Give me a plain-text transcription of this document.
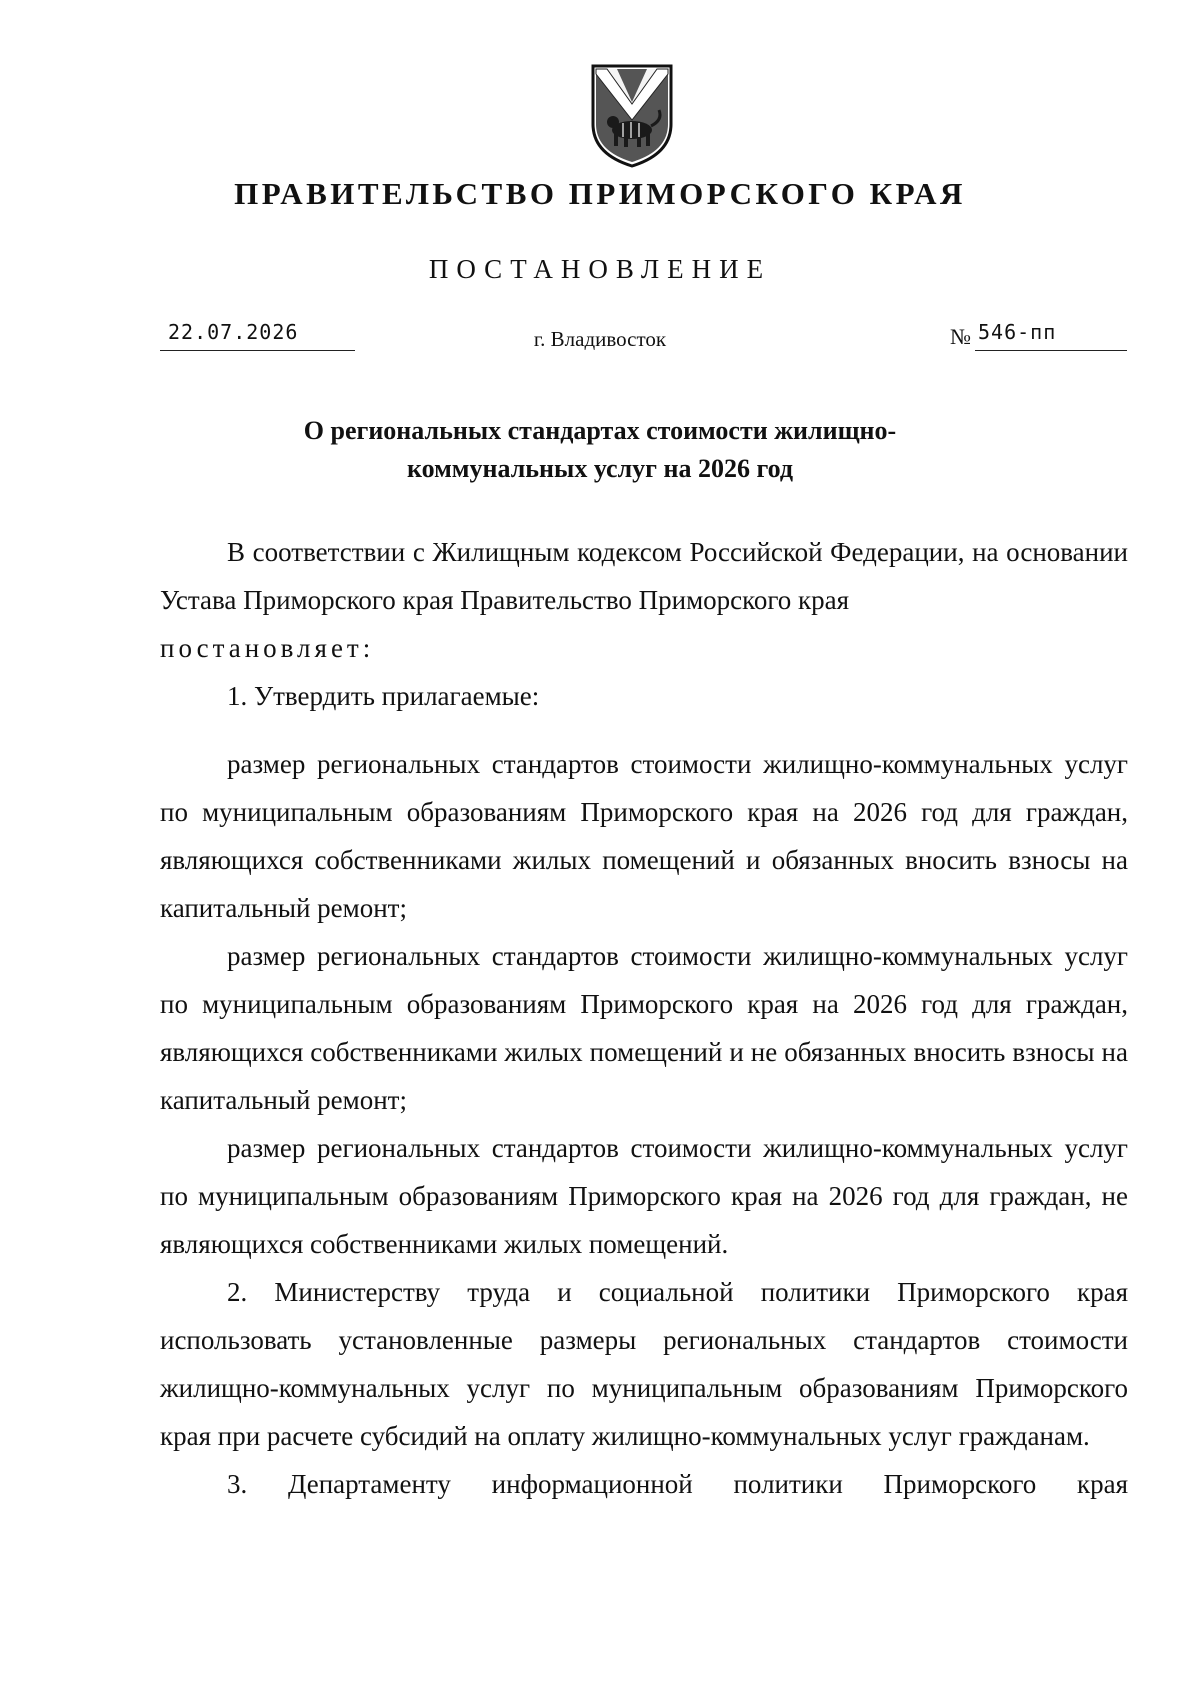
ПРАВИТЕЛЬСТВО ПРИМОРСКОГО КРАЯ
ПОСТАНОВЛЕНИЕ
22.07.2026	г. Владивосток	№ 546-пп
О региональных стандартах стоимости жилищно-
коммунальных услуг на 2026 год

В соответствии с Жилищным кодексом Российской Федерации, на основании Устава Приморского края Правительство Приморского края

постановляет:

1. Утвердить прилагаемые:

размер региональных стандартов стоимости жилищно-коммунальных услуг по муниципальным образованиям Приморского края на 2026 год для граждан, являющихся собственниками жилых помещений и обязанных вносить взносы на капитальный ремонт;

размер региональных стандартов стоимости жилищно-коммунальных услуг по муниципальным образованиям Приморского края на 2026 год для граждан, являющихся собственниками жилых помещений и не обязанных вносить взносы на капитальный ремонт;

размер региональных стандартов стоимости жилищно-коммунальных услуг по муниципальным образованиям Приморского края на 2026 год для граждан, не являющихся собственниками жилых помещений.

2. Министерству труда и социальной политики Приморского края использовать установленные размеры региональных стандартов стоимости жилищно-коммунальных услуг по муниципальным образованиям Приморского края при расчете субсидий на оплату жилищно-коммунальных услуг гражданам.

3. Департаменту информационной политики Приморского края
